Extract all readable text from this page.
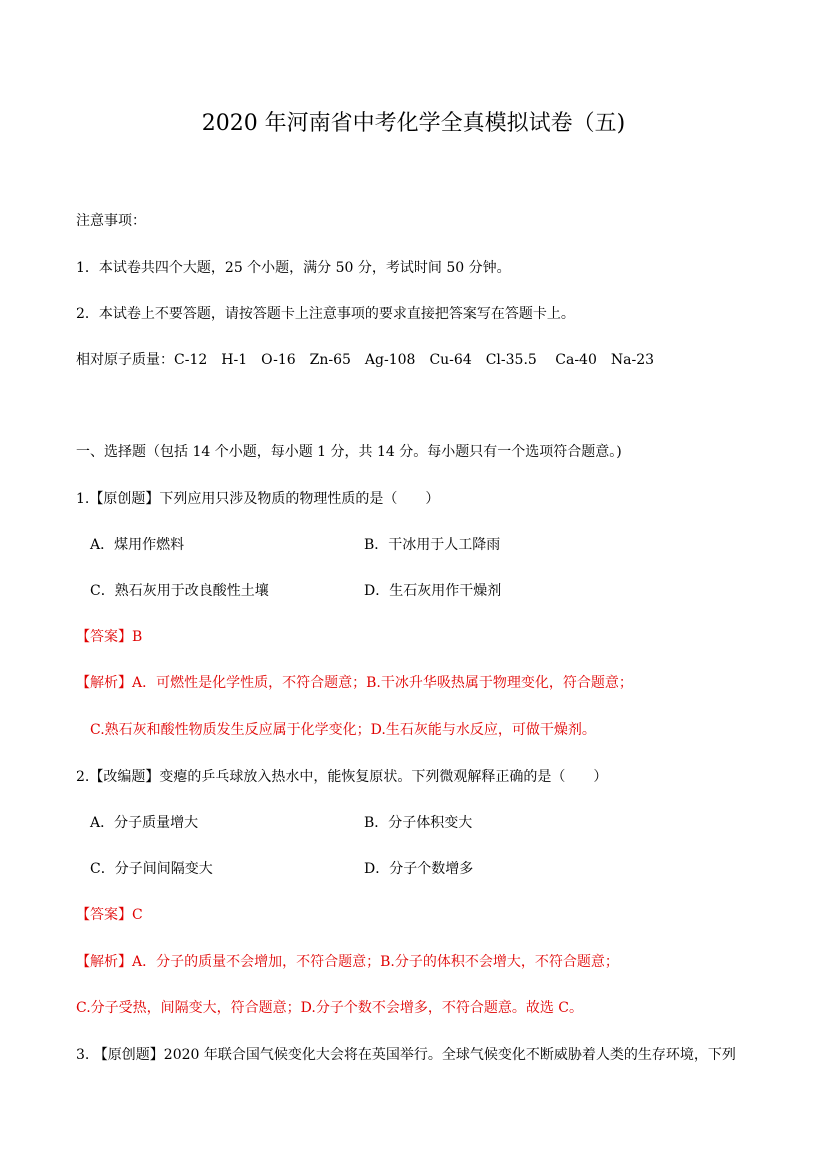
2020 年河南省中考化学全真模拟试卷（五)
注意事项：
1．本试卷共四个大题，25 个小题，满分 50 分，考试时间 50 分钟。
2．本试卷上不要答题，请按答题卡上注意事项的要求直接把答案写在答题卡上。
相对原子质量：C-12　H-1　O-16　Zn-65　Ag-108　Cu-64　Cl-35.5　 Ca-40　Na-23
一、选择题（包括 14 个小题，每小题 1 分，共 14 分。每小题只有一个选项符合题意。)
1.【原创题】下列应用只涉及物质的物理性质的是（　　）
A．煤用作燃料	B．干冰用于人工降雨
C．熟石灰用于改良酸性土壤	D．生石灰用作干燥剂
【答案】B
【解析】A．可燃性是化学性质，不符合题意；B.干冰升华吸热属于物理变化，符合题意；
C.熟石灰和酸性物质发生反应属于化学变化；D.生石灰能与水反应，可做干燥剂。
2.【改编题】变瘪的乒乓球放入热水中，能恢复原状。下列微观解释正确的是（　　）
A．分子质量增大	B．分子体积变大
C．分子间间隔变大	D．分子个数增多
【答案】C
【解析】A．分子的质量不会增加，不符合题意；B.分子的体积不会增大，不符合题意；
C.分子受热，间隔变大，符合题意；D.分子个数不会增多，不符合题意。故选 C。
3. 【原创题】2020 年联合国气候变化大会将在英国举行。全球气候变化不断威胁着人类的生存环境，下列
